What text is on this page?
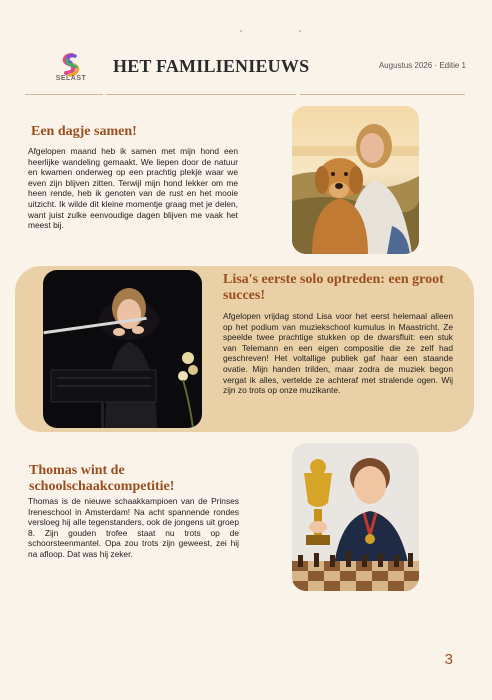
SELAST
HET FAMILIENIEUWS	Augustus 2026 · Editie 1
Een dagje samen!

Afgelopen maand heb ik samen met mijn hond een heerlijke wandeling gemaakt. We liepen door de natuur en kwamen onderweg op een prachtig plekje waar we even zijn blijven zitten. Terwijl mijn hond lekker om me heen rende, heb ik genoten van de rust en het mooie uitzicht. Ik wilde dit kleine momentje graag met je delen, want juist zulke eenvoudige dagen blijven me vaak het meest bij.

Lisa's eerste solo optreden: een groot succes!

Afgelopen vrijdag stond Lisa voor het eerst helemaal alleen op het podium van muziekschool kumulus in Maastricht. Ze speelde twee prachtige stukken op de dwarsfluit: een stuk van Telemann en een eigen compositie die ze zelf had geschreven! Het voltallige publiek gaf haar een staande ovatie. Mijn handen trilden, maar zodra de muziek begon vergat ik alles, vertelde ze achteraf met stralende ogen. Wij zijn zo trots op onze muzikante.

Thomas wint de schoolschaakcompetitie!

Thomas is de nieuwe schaakkampioen van de Prinses Ireneschool in Amsterdam! Na acht spannende rondes versloeg hij alle tegenstanders, ook de jongens uit groep 8. Zijn gouden trofee staat nu trots op de schoorsteenmantel. Opa zou trots zijn geweest, zei hij na afloop. Dat was hij zeker.

3
